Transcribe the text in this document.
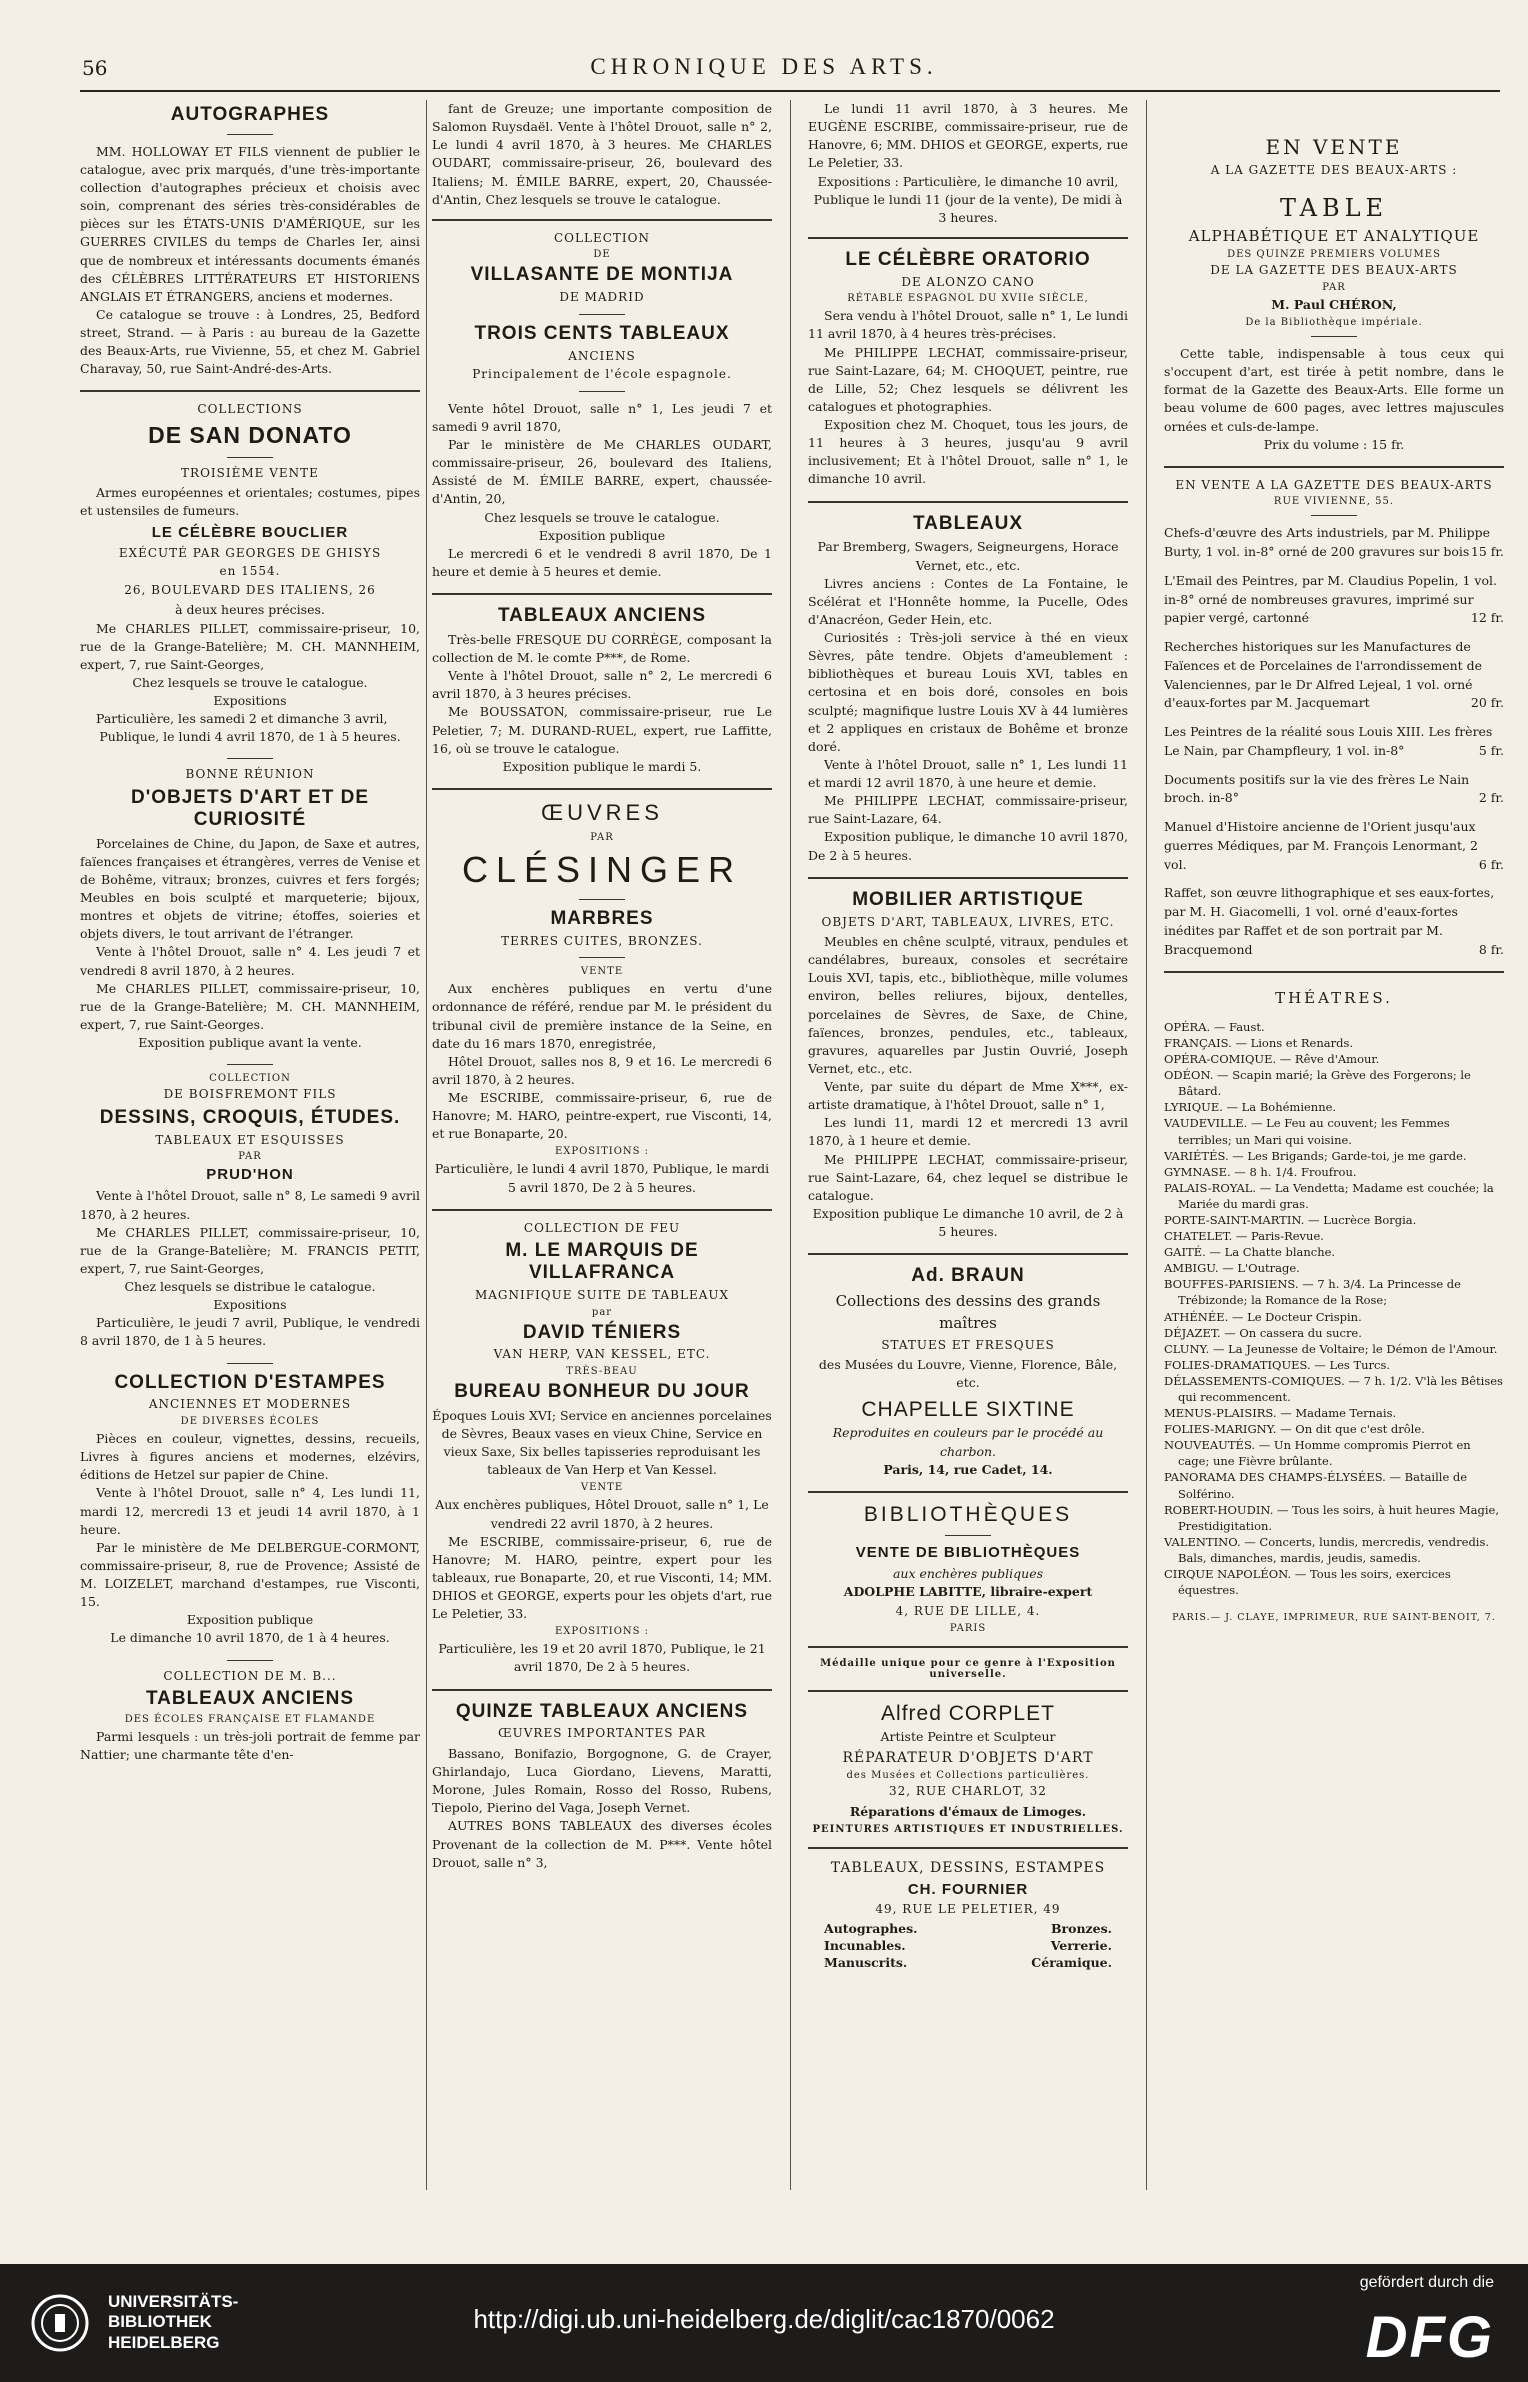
56	CHRONIQUE DES ARTS.
AUTOGRAPHES

MM. HOLLOWAY ET FILS viennent de publier le catalogue, avec prix marqués, d'une très-importante collection d'autographes précieux et choisis avec soin, comprenant des séries très-considérables de pièces sur les ÉTATS-UNIS D'AMÉRIQUE, sur les GUERRES CIVILES du temps de Charles Ier, ainsi que de nombreux et intéressants documents émanés des CÉLÈBRES LITTÉRATEURS ET HISTORIENS ANGLAIS ET ÉTRANGERS, anciens et modernes.

Ce catalogue se trouve : à Londres, 25, Bedford street, Strand. — à Paris : au bureau de la Gazette des Beaux-Arts, rue Vivienne, 55, et chez M. Gabriel Charavay, 50, rue Saint-André-des-Arts.

COLLECTIONS
DE SAN DONATO
TROISIÈME VENTE

Armes européennes et orientales; costumes, pipes et ustensiles de fumeurs.

LE CÉLÈBRE BOUCLIER
EXÉCUTÉ PAR GEORGES DE GHISYS
en 1554.
26, BOULEVARD DES ITALIENS, 26

à deux heures précises.

Me CHARLES PILLET, commissaire-priseur, 10, rue de la Grange-Batelière; M. CH. MANNHEIM, expert, 7, rue Saint-Georges,

Chez lesquels se trouve le catalogue.

Expositions

Particulière, les samedi 2 et dimanche 3 avril,

Publique, le lundi 4 avril 1870, de 1 à 5 heures.

BONNE RÉUNION
D'OBJETS D'ART ET DE CURIOSITÉ

Porcelaines de Chine, du Japon, de Saxe et autres, faïences françaises et étrangères, verres de Venise et de Bohême, vitraux; bronzes, cuivres et fers forgés; Meubles en bois sculpté et marqueterie; bijoux, montres et objets de vitrine; étoffes, soieries et objets divers, le tout arrivant de l'étranger.

Vente à l'hôtel Drouot, salle n° 4. Les jeudi 7 et vendredi 8 avril 1870, à 2 heures.

Me CHARLES PILLET, commissaire-priseur, 10, rue de la Grange-Batelière; M. CH. MANNHEIM, expert, 7, rue Saint-Georges.

Exposition publique avant la vente.

COLLECTION
DE BOISFREMONT FILS
DESSINS, CROQUIS, ÉTUDES.
TABLEAUX ET ESQUISSES
PAR
PRUD'HON

Vente à l'hôtel Drouot, salle n° 8, Le samedi 9 avril 1870, à 2 heures.

Me CHARLES PILLET, commissaire-priseur, 10, rue de la Grange-Batelière; M. FRANCIS PETIT, expert, 7, rue Saint-Georges,

Chez lesquels se distribue le catalogue.

Expositions

Particulière, le jeudi 7 avril, Publique, le vendredi 8 avril 1870, de 1 à 5 heures.

COLLECTION D'ESTAMPES
ANCIENNES ET MODERNES
DE DIVERSES ÉCOLES

Pièces en couleur, vignettes, dessins, recueils, Livres à figures anciens et modernes, elzévirs, éditions de Hetzel sur papier de Chine.

Vente à l'hôtel Drouot, salle n° 4, Les lundi 11, mardi 12, mercredi 13 et jeudi 14 avril 1870, à 1 heure.

Par le ministère de Me DELBERGUE-CORMONT, commissaire-priseur, 8, rue de Provence; Assisté de M. LOIZELET, marchand d'estampes, rue Visconti, 15.

Exposition publique

Le dimanche 10 avril 1870, de 1 à 4 heures.

COLLECTION DE M. B...
TABLEAUX ANCIENS
DES ÉCOLES FRANÇAISE ET FLAMANDE

Parmi lesquels : un très-joli portrait de femme par Nattier; une charmante tête d'en-

fant de Greuze; une importante composition de Salomon Ruysdaël. Vente à l'hôtel Drouot, salle n° 2, Le lundi 4 avril 1870, à 3 heures. Me CHARLES OUDART, commissaire-priseur, 26, boulevard des Italiens; M. ÉMILE BARRE, expert, 20, Chaussée-d'Antin, Chez lesquels se trouve le catalogue.

COLLECTION
DE
VILLASANTE DE MONTIJA
DE MADRID
TROIS CENTS TABLEAUX
ANCIENS
Principalement de l'école espagnole.

Vente hôtel Drouot, salle n° 1, Les jeudi 7 et samedi 9 avril 1870,

Par le ministère de Me CHARLES OUDART, commissaire-priseur, 26, boulevard des Italiens, Assisté de M. ÉMILE BARRE, expert, chaussée-d'Antin, 20,

Chez lesquels se trouve le catalogue.

Exposition publique

Le mercredi 6 et le vendredi 8 avril 1870, De 1 heure et demie à 5 heures et demie.

TABLEAUX ANCIENS

Très-belle FRESQUE DU CORRÈGE, composant la collection de M. le comte P***, de Rome.

Vente à l'hôtel Drouot, salle n° 2, Le mercredi 6 avril 1870, à 3 heures précises.

Me BOUSSATON, commissaire-priseur, rue Le Peletier, 7; M. DURAND-RUEL, expert, rue Laffitte, 16, où se trouve le catalogue.

Exposition publique le mardi 5.

ŒUVRES
PAR
CLÉSINGER
MARBRES
TERRES CUITES, BRONZES.
VENTE

Aux enchères publiques en vertu d'une ordonnance de référé, rendue par M. le président du tribunal civil de première instance de la Seine, en date du 16 mars 1870, enregistrée,

Hôtel Drouot, salles nos 8, 9 et 16. Le mercredi 6 avril 1870, à 2 heures.

Me ESCRIBE, commissaire-priseur, 6, rue de Hanovre; M. HARO, peintre-expert, rue Visconti, 14, et rue Bonaparte, 20.

EXPOSITIONS :

Particulière, le lundi 4 avril 1870, Publique, le mardi 5 avril 1870, De 2 à 5 heures.

COLLECTION DE FEU
M. LE MARQUIS DE VILLAFRANCA
MAGNIFIQUE SUITE DE TABLEAUX
par
DAVID TÉNIERS
VAN HERP, VAN KESSEL, ETC.
TRÈS-BEAU
BUREAU BONHEUR DU JOUR

Époques Louis XVI; Service en anciennes porcelaines de Sèvres, Beaux vases en vieux Chine, Service en vieux Saxe, Six belles tapisseries reproduisant les tableaux de Van Herp et Van Kessel.

VENTE

Aux enchères publiques, Hôtel Drouot, salle n° 1, Le vendredi 22 avril 1870, à 2 heures.

Me ESCRIBE, commissaire-priseur, 6, rue de Hanovre; M. HARO, peintre, expert pour les tableaux, rue Bonaparte, 20, et rue Visconti, 14; MM. DHIOS et GEORGE, experts pour les objets d'art, rue Le Peletier, 33.

EXPOSITIONS :

Particulière, les 19 et 20 avril 1870, Publique, le 21 avril 1870, De 2 à 5 heures.

QUINZE TABLEAUX ANCIENS
ŒUVRES IMPORTANTES PAR

Bassano, Bonifazio, Borgognone, G. de Crayer, Ghirlandajo, Luca Giordano, Lievens, Maratti, Morone, Jules Romain, Rosso del Rosso, Rubens, Tiepolo, Pierino del Vaga, Joseph Vernet.

AUTRES BONS TABLEAUX des diverses écoles Provenant de la collection de M. P***. Vente hôtel Drouot, salle n° 3,

Le lundi 11 avril 1870, à 3 heures. Me EUGÈNE ESCRIBE, commissaire-priseur, rue de Hanovre, 6; MM. DHIOS et GEORGE, experts, rue Le Peletier, 33.

Expositions : Particulière, le dimanche 10 avril, Publique le lundi 11 (jour de la vente), De midi à 3 heures.

LE CÉLÈBRE ORATORIO
DE ALONZO CANO
RÉTABLE ESPAGNOL DU XVIIe SIÈCLE,

Sera vendu à l'hôtel Drouot, salle n° 1, Le lundi 11 avril 1870, à 4 heures très-précises.

Me PHILIPPE LECHAT, commissaire-priseur, rue Saint-Lazare, 64; M. CHOQUET, peintre, rue de Lille, 52; Chez lesquels se délivrent les catalogues et photographies.

Exposition chez M. Choquet, tous les jours, de 11 heures à 3 heures, jusqu'au 9 avril inclusivement; Et à l'hôtel Drouot, salle n° 1, le dimanche 10 avril.

TABLEAUX

Par Bremberg, Swagers, Seigneurgens, Horace Vernet, etc., etc.

Livres anciens : Contes de La Fontaine, le Scélérat et l'Honnête homme, la Pucelle, Odes d'Anacréon, Geder Hein, etc.

Curiosités : Très-joli service à thé en vieux Sèvres, pâte tendre. Objets d'ameublement : bibliothèques et bureau Louis XVI, tables en certosina et en bois doré, consoles en bois sculpté; magnifique lustre Louis XV à 44 lumières et 2 appliques en cristaux de Bohême et bronze doré.

Vente à l'hôtel Drouot, salle n° 1, Les lundi 11 et mardi 12 avril 1870, à une heure et demie.

Me PHILIPPE LECHAT, commissaire-priseur, rue Saint-Lazare, 64.

Exposition publique, le dimanche 10 avril 1870, De 2 à 5 heures.

MOBILIER ARTISTIQUE
OBJETS D'ART, TABLEAUX, LIVRES, ETC.

Meubles en chêne sculpté, vitraux, pendules et candélabres, bureaux, consoles et secrétaire Louis XVI, tapis, etc., bibliothèque, mille volumes environ, belles reliures, bijoux, dentelles, porcelaines de Sèvres, de Saxe, de Chine, faïences, bronzes, pendules, etc., tableaux, gravures, aquarelles par Justin Ouvrié, Joseph Vernet, etc., etc.

Vente, par suite du départ de Mme X***, ex-artiste dramatique, à l'hôtel Drouot, salle n° 1,

Les lundi 11, mardi 12 et mercredi 13 avril 1870, à 1 heure et demie.

Me PHILIPPE LECHAT, commissaire-priseur, rue Saint-Lazare, 64, chez lequel se distribue le catalogue.

Exposition publique Le dimanche 10 avril, de 2 à 5 heures.

Ad. BRAUN
Collections des dessins des grands maîtres
STATUES ET FRESQUES
des Musées du Louvre, Vienne, Florence, Bâle, etc.
CHAPELLE SIXTINE
Reproduites en couleurs par le procédé au charbon.
Paris, 14, rue Cadet, 14.
BIBLIOTHÈQUES
VENTE DE BIBLIOTHÈQUES
aux enchères publiques
ADOLPHE LABITTE, libraire-expert
4, RUE DE LILLE, 4.
PARIS
Médaille unique pour ce genre à l'Exposition universelle.
Alfred CORPLET
Artiste Peintre et Sculpteur
RÉPARATEUR D'OBJETS D'ART
des Musées et Collections particulières.
32, RUE CHARLOT, 32
Réparations d'émaux de Limoges.
PEINTURES ARTISTIQUES ET INDUSTRIELLES.
TABLEAUX, DESSINS, ESTAMPES
CH. FOURNIER
49, RUE LE PELETIER, 49
Autographes.	Bronzes.
Incunables.	Verrerie.
Manuscrits.	Céramique.
EN VENTE
A LA GAZETTE DES BEAUX-ARTS :
TABLE
ALPHABÉTIQUE ET ANALYTIQUE
DES QUINZE PREMIERS VOLUMES
DE LA GAZETTE DES BEAUX-ARTS
PAR
M. Paul CHÉRON,
De la Bibliothèque impériale.

Cette table, indispensable à tous ceux qui s'occupent d'art, est tirée à petit nombre, dans le format de la Gazette des Beaux-Arts. Elle forme un beau volume de 600 pages, avec lettres majuscules ornées et culs-de-lampe.

Prix du volume : 15 fr.

EN VENTE A LA GAZETTE DES BEAUX-ARTS
RUE VIVIENNE, 55.
Chefs-d'œuvre des Arts industriels, par M. Philippe Burty, 1 vol. in-8° orné de 200 gravures sur bois 15 fr.
L'Email des Peintres, par M. Claudius Popelin, 1 vol. in-8° orné de nombreuses gravures, imprimé sur papier vergé, cartonné	12 fr.
Recherches historiques sur les Manufactures de Faïences et de Porcelaines de l'arrondissement de Valenciennes, par le Dr Alfred Lejeal, 1 vol. orné d'eaux-fortes par M. Jacquemart	20 fr.
Les Peintres de la réalité sous Louis XIII. Les frères Le Nain, par Champfleury, 1 vol. in-8°	5 fr.
Documents positifs sur la vie des frères Le Nain broch. in-8°	2 fr.
Manuel d'Histoire ancienne de l'Orient jusqu'aux guerres Médiques, par M. François Lenormant, 2 vol.	6 fr.
Raffet, son œuvre lithographique et ses eaux-fortes, par M. H. Giacomelli, 1 vol. orné d'eaux-fortes inédites par Raffet et de son portrait par M. Bracquemond	8 fr.
THÉATRES.

OPÉRA. — Faust.

FRANÇAIS. — Lions et Renards.

OPÉRA-COMIQUE. — Rêve d'Amour.

ODÉON. — Scapin marié; la Grève des Forgerons; le Bâtard.

LYRIQUE. — La Bohémienne.

VAUDEVILLE. — Le Feu au couvent; les Femmes terribles; un Mari qui voisine.

VARIÉTÉS. — Les Brigands; Garde-toi, je me garde.

GYMNASE. — 8 h. 1/4. Froufrou.

PALAIS-ROYAL. — La Vendetta; Madame est couchée; la Mariée du mardi gras.

PORTE-SAINT-MARTIN. — Lucrèce Borgia.

CHATELET. — Paris-Revue.

GAITÉ. — La Chatte blanche.

AMBIGU. — L'Outrage.

BOUFFES-PARISIENS. — 7 h. 3/4. La Princesse de Trébizonde; la Romance de la Rose;

ATHÉNÉE. — Le Docteur Crispin.

DÉJAZET. — On cassera du sucre.

CLUNY. — La Jeunesse de Voltaire; le Démon de l'Amour.

FOLIES-DRAMATIQUES. — Les Turcs.

DÉLASSEMENTS-COMIQUES. — 7 h. 1/2. V'là les Bêtises qui recommencent.

MENUS-PLAISIRS. — Madame Ternais.

FOLIES-MARIGNY. — On dit que c'est drôle.

NOUVEAUTÉS. — Un Homme compromis Pierrot en cage; une Fièvre brûlante.

PANORAMA DES CHAMPS-ÉLYSÉES. — Bataille de Solférino.

ROBERT-HOUDIN. — Tous les soirs, à huit heures Magie, Prestidigitation.

VALENTINO. — Concerts, lundis, mercredis, vendredis. Bals, dimanches, mardis, jeudis, samedis.

CIRQUE NAPOLÉON. — Tous les soirs, exercices équestres.

PARIS.— J. CLAYE, IMPRIMEUR, RUE SAINT-BENOIT, 7.
UNIVERSITÄTS-
BIBLIOTHEK
HEIDELBERG
http://digi.ub.uni-heidelberg.de/diglit/cac1870/0062
gefördert durch die
DFG
